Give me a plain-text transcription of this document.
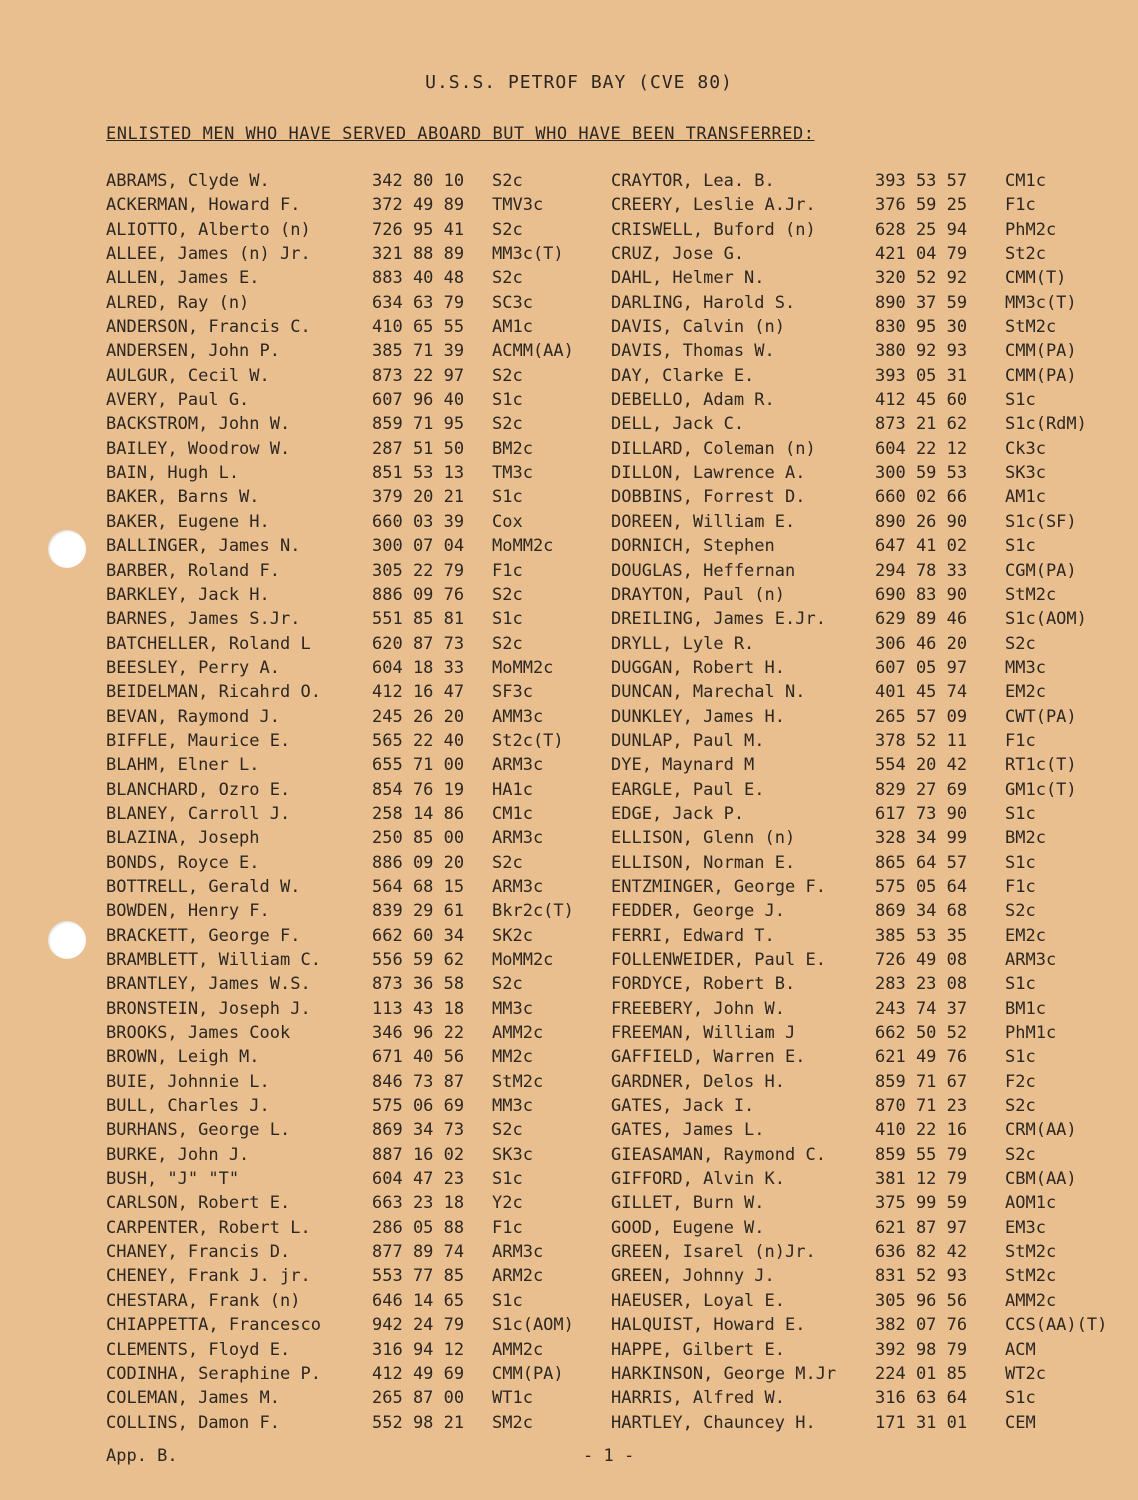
U.S.S. PETROF BAY (CVE 80)
ENLISTED MEN WHO HAVE SERVED ABOARD BUT WHO HAVE BEEN TRANSFERRED:
ABRAMS, Clyde W.	342 80 10 S2c
ACKERMAN, Howard F.	372 49 89 TMV3c
ALIOTTO, Alberto (n)	726 95 41 S2c
ALLEE, James (n) Jr.	321 88 89 MM3c(T)
ALLEN, James E.	883 40 48 S2c
ALRED, Ray (n)	634 63 79 SC3c
ANDERSON, Francis C.	410 65 55 AM1c
ANDERSEN, John P.	385 71 39 ACMM(AA)
AULGUR, Cecil W.	873 22 97 S2c
AVERY, Paul G.	607 96 40 S1c
BACKSTROM, John W.	859 71 95 S2c
BAILEY, Woodrow W.	287 51 50 BM2c
BAIN, Hugh L.	851 53 13 TM3c
BAKER, Barns W.	379 20 21 S1c
BAKER, Eugene H.	660 03 39 Cox
BALLINGER, James N.	300 07 04 MoMM2c
BARBER, Roland F.	305 22 79 F1c
BARKLEY, Jack H.	886 09 76 S2c
BARNES, James S.Jr.	551 85 81 S1c
BATCHELLER, Roland L	620 87 73 S2c
BEESLEY, Perry A.	604 18 33 MoMM2c
BEIDELMAN, Ricahrd O.	412 16 47 SF3c
BEVAN, Raymond J.	245 26 20 AMM3c
BIFFLE, Maurice E.	565 22 40 St2c(T)
BLAHM, Elner L.	655 71 00 ARM3c
BLANCHARD, Ozro E.	854 76 19 HA1c
BLANEY, Carroll J.	258 14 86 CM1c
BLAZINA, Joseph	250 85 00 ARM3c
BONDS, Royce E.	886 09 20 S2c
BOTTRELL, Gerald W.	564 68 15 ARM3c
BOWDEN, Henry F.	839 29 61 Bkr2c(T)
BRACKETT, George F.	662 60 34 SK2c
BRAMBLETT, William C.	556 59 62 MoMM2c
BRANTLEY, James W.S.	873 36 58 S2c
BRONSTEIN, Joseph J.	113 43 18 MM3c
BROOKS, James Cook	346 96 22 AMM2c
BROWN, Leigh M.	671 40 56 MM2c
BUIE, Johnnie L.	846 73 87 StM2c
BULL, Charles J.	575 06 69 MM3c
BURHANS, George L.	869 34 73 S2c
BURKE, John J.	887 16 02 SK3c
BUSH, "J" "T"	604 47 23 S1c
CARLSON, Robert E.	663 23 18 Y2c
CARPENTER, Robert L.	286 05 88 F1c
CHANEY, Francis D.	877 89 74 ARM3c
CHENEY, Frank J. jr.	553 77 85 ARM2c
CHESTARA, Frank (n)	646 14 65 S1c
CHIAPPETTA, Francesco	942 24 79 S1c(AOM)
CLEMENTS, Floyd E.	316 94 12 AMM2c
CODINHA, Seraphine P.	412 49 69 CMM(PA)
COLEMAN, James M.	265 87 00 WT1c
COLLINS, Damon F.	552 98 21 SM2c
CRAYTOR, Lea. B.	393 53 57 CM1c
CREERY, Leslie A.Jr.	376 59 25 F1c
CRISWELL, Buford (n)	628 25 94 PhM2c
CRUZ, Jose G.	421 04 79 St2c
DAHL, Helmer N.	320 52 92 CMM(T)
DARLING, Harold S.	890 37 59 MM3c(T)
DAVIS, Calvin (n)	830 95 30 StM2c
DAVIS, Thomas W.	380 92 93 CMM(PA)
DAY, Clarke E.	393 05 31 CMM(PA)
DEBELLO, Adam R.	412 45 60 S1c
DELL, Jack C.	873 21 62 S1c(RdM)
DILLARD, Coleman (n)	604 22 12 Ck3c
DILLON, Lawrence A.	300 59 53 SK3c
DOBBINS, Forrest D.	660 02 66 AM1c
DOREEN, William E.	890 26 90 S1c(SF)
DORNICH, Stephen	647 41 02 S1c
DOUGLAS, Heffernan	294 78 33 CGM(PA)
DRAYTON, Paul (n)	690 83 90 StM2c
DREILING, James E.Jr.	629 89 46 S1c(AOM)
DRYLL, Lyle R.	306 46 20 S2c
DUGGAN, Robert H.	607 05 97 MM3c
DUNCAN, Marechal N.	401 45 74 EM2c
DUNKLEY, James H.	265 57 09 CWT(PA)
DUNLAP, Paul M.	378 52 11 F1c
DYE, Maynard M	554 20 42 RT1c(T)
EARGLE, Paul E.	829 27 69 GM1c(T)
EDGE, Jack P.	617 73 90 S1c
ELLISON, Glenn (n)	328 34 99 BM2c
ELLISON, Norman E.	865 64 57 S1c
ENTZMINGER, George F.	575 05 64 F1c
FEDDER, George J.	869 34 68 S2c
FERRI, Edward T.	385 53 35 EM2c
FOLLENWEIDER, Paul E.	726 49 08 ARM3c
FORDYCE, Robert B.	283 23 08 S1c
FREEBERY, John W.	243 74 37 BM1c
FREEMAN, William J	662 50 52 PhM1c
GAFFIELD, Warren E.	621 49 76 S1c
GARDNER, Delos H.	859 71 67 F2c
GATES, Jack I.	870 71 23 S2c
GATES, James L.	410 22 16 CRM(AA)
GIEASAMAN, Raymond C.	859 55 79 S2c
GIFFORD, Alvin K.	381 12 79 CBM(AA)
GILLET, Burn W.	375 99 59 AOM1c
GOOD, Eugene W.	621 87 97 EM3c
GREEN, Isarel (n)Jr.	636 82 42 StM2c
GREEN, Johnny J.	831 52 93 StM2c
HAEUSER, Loyal E.	305 96 56 AMM2c
HALQUIST, Howard E.	382 07 76 CCS(AA)(T)
HAPPE, Gilbert E.	392 98 79 ACM
HARKINSON, George M.Jr 224 01 85 WT2c
HARRIS, Alfred W.	316 63 64 S1c
HARTLEY, Chauncey H.	171 31 01 CEM
App. B.	- 1 -
